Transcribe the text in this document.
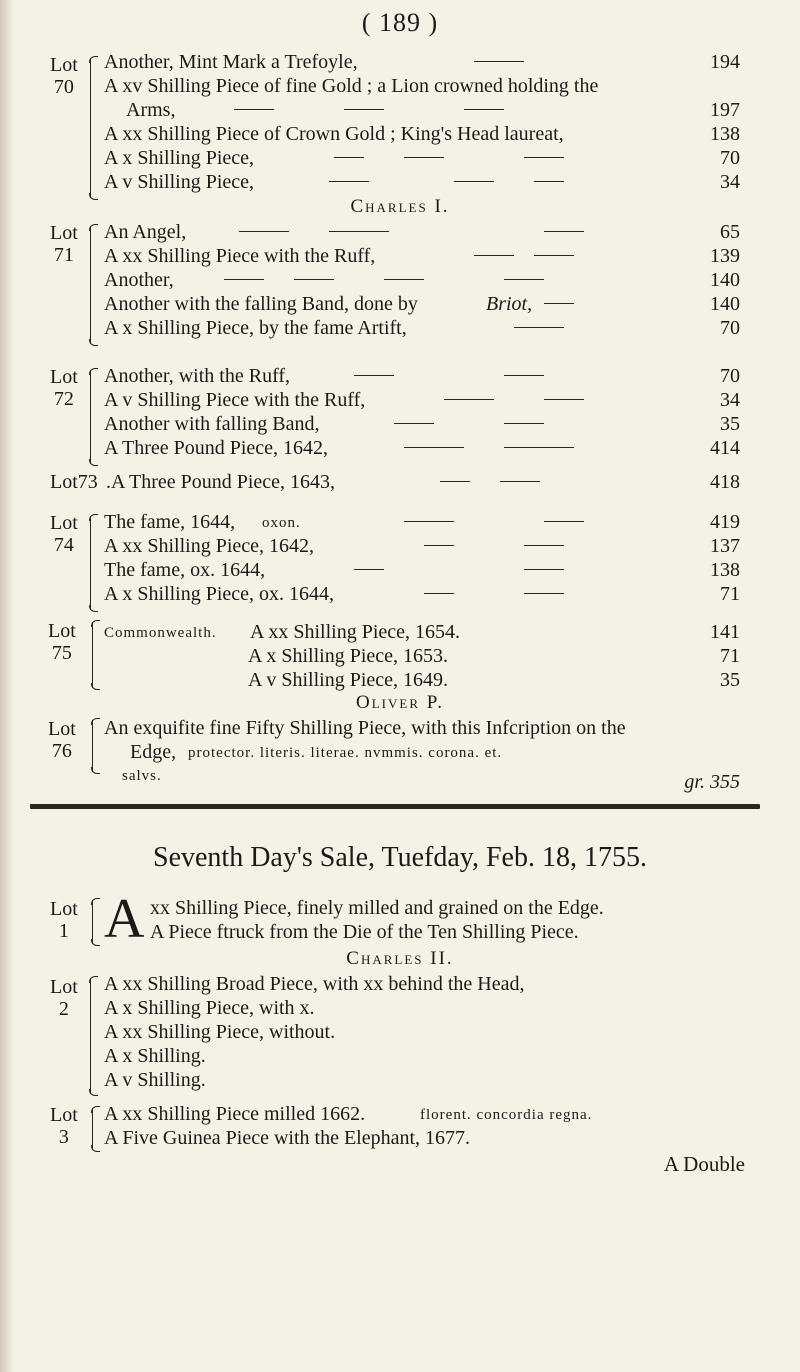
( 189 )
Lot
70
Another, Mint Mark a Trefoyle,	194
A xv Shilling Piece of fine Gold ; a Lion crowned holding the
Arms,	197
A xx Shilling Piece of Crown Gold ; King's Head laureat,	138
A x Shilling Piece,	70
A v Shilling Piece,	34
Charles I.
Lot
71
An Angel,	65
A xx Shilling Piece with the Ruff,	139
Another,	140
Another with the falling Band, done by	Briot,	140
A x Shilling Piece, by the fame Artift,	70
Lot
72
Another, with the Ruff,	70
A v Shilling Piece with the Ruff,	34
Another with falling Band,	35
A Three Pound Piece, 1642,	414
Lot73 .A Three Pound Piece, 1643,	418
Lot
74
The fame, 1644, oxon.	419
A xx Shilling Piece, 1642,	137
The fame, ox. 1644,	138
A x Shilling Piece, ox. 1644,	71
Lot
75
Commonwealth. A xx Shilling Piece, 1654.	141
A x Shilling Piece, 1653.	71
A v Shilling Piece, 1649.	35
Oliver P.
Lot
76
An exquifite fine Fifty Shilling Piece, with this Infcription on the
Edge, protector. literis. literae. nvmmis. corona. et.
salvs.	gr. 355
Seventh Day's Sale, Tuefday, Feb. 18, 1755.
Lot
1 A xx Shilling Piece, finely milled and grained on the Edge.
A Piece ftruck from the Die of the Ten Shilling Piece.
Charles II.
Lot
2
A xx Shilling Broad Piece, with xx behind the Head,
A x Shilling Piece, with x.
A xx Shilling Piece, without.
A x Shilling.
A v Shilling.
Lot
3
A xx Shilling Piece milled 1662.	florent. concordia regna.
A Five Guinea Piece with the Elephant, 1677.
A Double
